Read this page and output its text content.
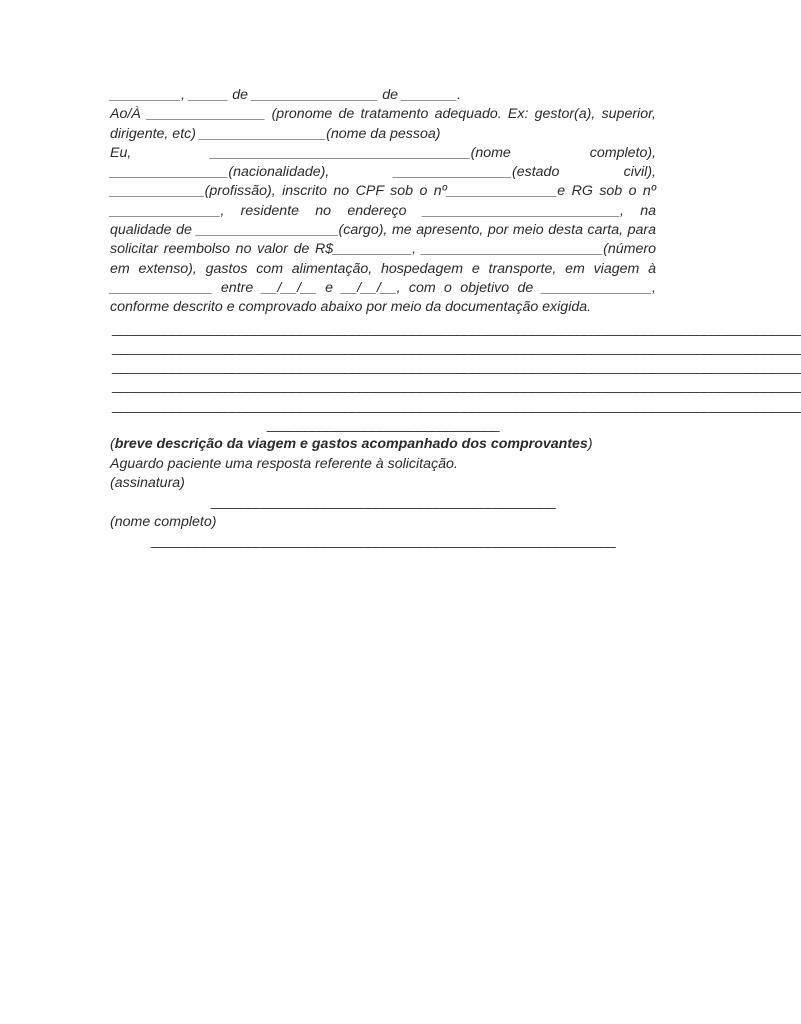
_________, _____ de ________________ de _______.

Ao/À _______________ (pronome de tratamento adequado. Ex: gestor(a), superior, dirigente, etc) ________________(nome da pessoa)

Eu, _________________________________(nome completo),

_______________(nacionalidade), _______________(estado civil), ____________(profissão), inscrito no CPF sob o nº______________e RG sob o nº ______________, residente no endereço _________________________, na qualidade de __________________(cargo), me apresento, por meio desta carta, para solicitar reembolso no valor de R$__________, _______________________(número em extenso), gastos com alimentação, hospedagem e transporte, em viagem à _____________ entre __/__/__ e __/__/__, com o objetivo de ______________, conforme descrito e comprovado abaixo por meio da documentação exigida.

____________________________________________________________________________________________
____________________________________________________________________________________________
____________________________________________________________________________________________
____________________________________________________________________________________________
____________________________________________________________________________________________
_______________________________

(breve descrição da viagem e gastos acompanhado dos comprovantes)

Aguardo paciente uma resposta referente à solicitação.

(assinatura)

______________________________________________

(nome completo)

______________________________________________________________
